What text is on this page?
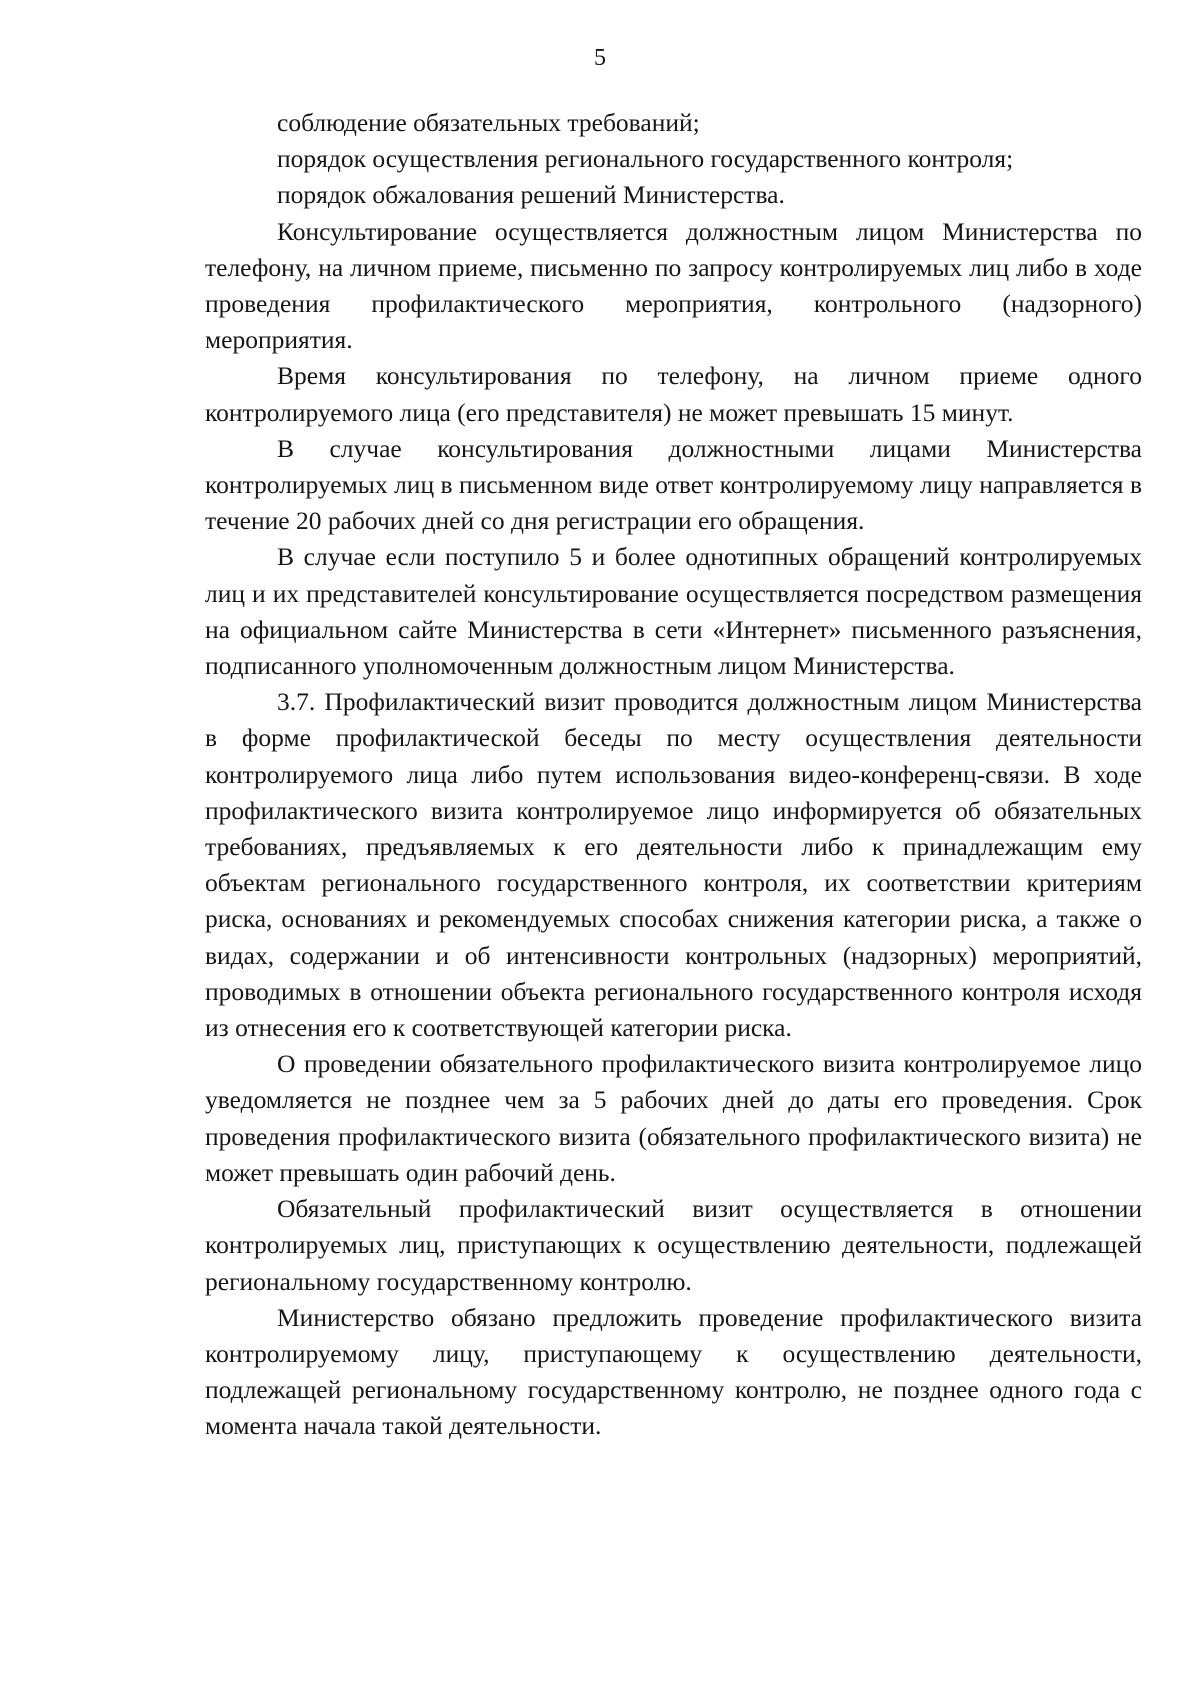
5

соблюдение обязательных требований;

порядок осуществления регионального государственного контроля;

порядок обжалования решений Министерства.

Консультирование осуществляется должностным лицом Министерства по телефону, на личном приеме, письменно по запросу контролируемых лиц либо в ходе проведения профилактического мероприятия, контрольного (надзорного) мероприятия.

Время консультирования по телефону, на личном приеме одного контролируемого лица (его представителя) не может превышать 15 минут.

В случае консультирования должностными лицами Министерства контролируемых лиц в письменном виде ответ контролируемому лицу направляется в течение 20 рабочих дней со дня регистрации его обращения.

В случае если поступило 5 и более однотипных обращений контролируемых лиц и их представителей консультирование осуществляется посредством размещения на официальном сайте Министерства в сети «Интернет» письменного разъяснения, подписанного уполномоченным должностным лицом Министерства.

3.7. Профилактический визит проводится должностным лицом Министерства в форме профилактической беседы по месту осуществления деятельности контролируемого лица либо путем использования видео-конференц-связи. В ходе профилактического визита контролируемое лицо информируется об обязательных требованиях, предъявляемых к его деятельности либо к принадлежащим ему объектам регионального государственного контроля, их соответствии критериям риска, основаниях и рекомендуемых способах снижения категории риска, а также о видах, содержании и об интенсивности контрольных (надзорных) мероприятий, проводимых в отношении объекта регионального государственного контроля исходя из отнесения его к соответствующей категории риска.

О проведении обязательного профилактического визита контролируемое лицо уведомляется не позднее чем за 5 рабочих дней до даты его проведения. Срок проведения профилактического визита (обязательного профилактического визита) не может превышать один рабочий день.

Обязательный профилактический визит осуществляется в отношении контролируемых лиц, приступающих к осуществлению деятельности, подлежащей региональному государственному контролю.

Министерство обязано предложить проведение профилактического визита контролируемому лицу, приступающему к осуществлению деятельности, подлежащей региональному государственному контролю, не позднее одного года с момента начала такой деятельности.
